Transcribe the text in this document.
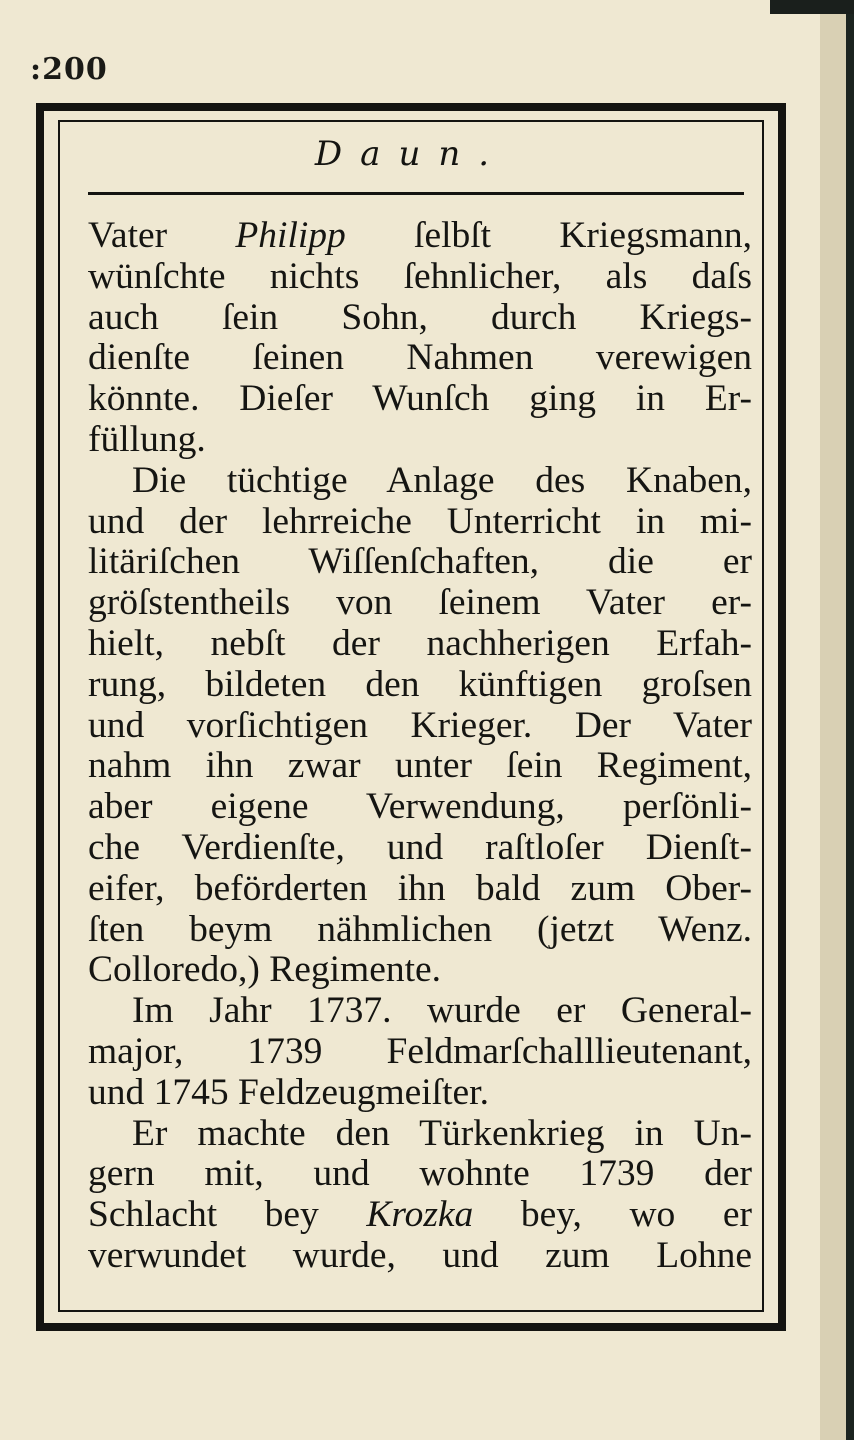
:200
Daun.
Vater Philipp ſelbſt Kriegsmann,
wünſchte nichts ſehnlicher, als daſs
auch ſein Sohn, durch Kriegs-
dienſte ſeinen Nahmen verewigen
könnte. Dieſer Wunſch ging in Er-
füllung.
Die tüchtige Anlage des Knaben,
und der lehrreiche Unterricht in mi-
litäriſchen Wiſſenſchaften, die er
gröſstentheils von ſeinem Vater er-
hielt, nebſt der nachherigen Erfah-
rung, bildeten den künftigen groſsen
und vorſichtigen Krieger. Der Vater
nahm ihn zwar unter ſein Regiment,
aber eigene Verwendung, perſönli-
che Verdienſte, und raſtloſer Dienſt-
eifer, beförderten ihn bald zum Ober-
ſten beym nähmlichen (jetzt Wenz.
Colloredo,) Regimente.
Im Jahr 1737. wurde er General-
major, 1739 Feldmarſchalllieutenant,
und 1745 Feldzeugmeiſter.
Er machte den Türkenkrieg in Un-
gern mit, und wohnte 1739 der
Schlacht bey Krozka bey, wo er
verwundet wurde, und zum Lohne
